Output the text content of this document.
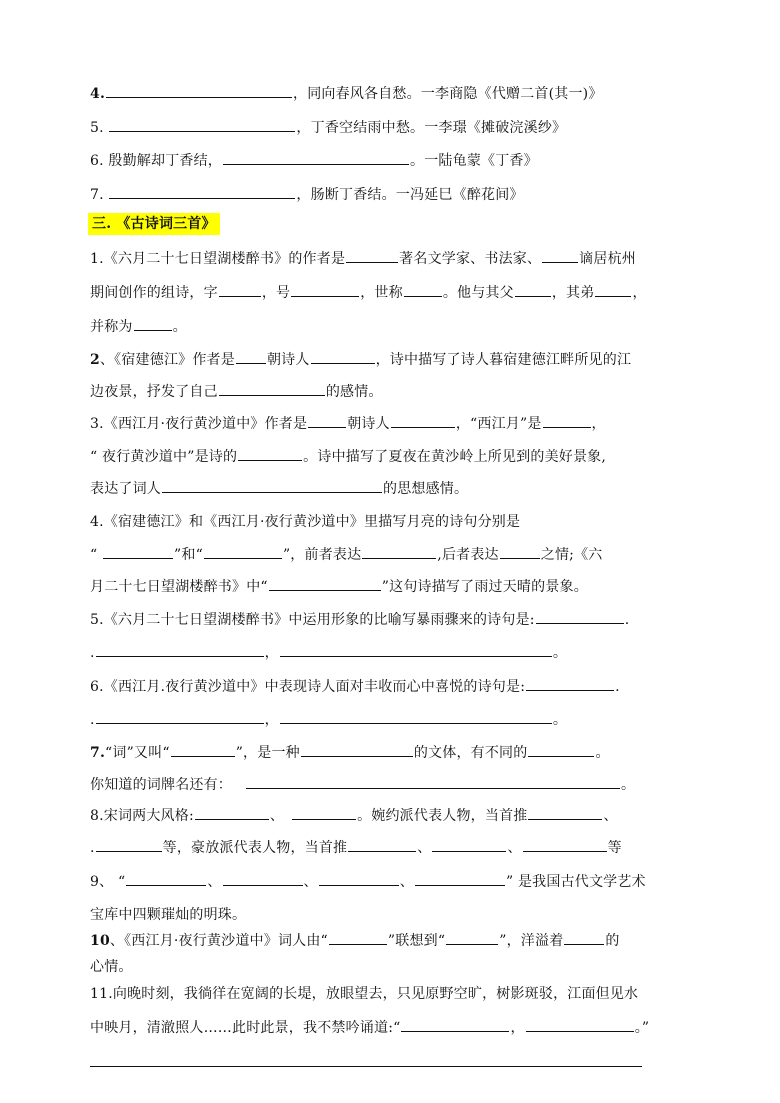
4.	，同向春风各自愁。一李商隐《代赠二首(其一)》
5.	，丁香空结雨中愁。一李璟《摊破浣溪纱》
6. 殷勤解却丁香结，	。一陆龟蒙《丁香》
7.	，肠断丁香结。一冯延巳《醉花间》
三. 《古诗词三首》
1.《六月二十七日望湖楼醉书》的作者是	著名文学家、书法家、	谪居杭州
期间创作的组诗，字	，号	，世称	。他与其父	，其弟	，
并称为	。
2、《宿建德江》作者是 朝诗人	，诗中描写了诗人暮宿建德江畔所见的江
边夜景，抒发了自己	的感情。
3.《西江月·夜行黄沙道中》作者是	朝诗人	，“西江月”是	，
“ 夜行黄沙道中”是诗的	。诗中描写了夏夜在黄沙岭上所见到的美好景象,
表达了词人	的思想感情。
4.《宿建德江》和《西江月·夜行黄沙道中》里描写月亮的诗句分别是
“	”和“	”，前者表达	,后者表达	之情;《六
月二十七日望湖楼醉书》中“	”这句诗描写了雨过天晴的景象。
5.《六月二十七日望湖楼醉书》中运用形象的比喻写暴雨骤来的诗句是:	.
.	，	。
6.《西江月.夜行黄沙道中》中表现诗人面对丰收而心中喜悦的诗句是:	.
.	，	。
7.“词”又叫“	”，是一种	的文体，有不同的	。
你知道的词牌名还有：	。
8.宋词两大风格:	、	。婉约派代表人物，当首推	、
.	等，豪放派代表人物，当首推	、	、	等
9、 “	、	、	、	” 是我国古代文学艺术
宝库中四颗璀灿的明珠。
10、《西江月·夜行黄沙道中》词人由“	”联想到“	”，洋溢着	的
心情。
11.向晚时刻，我徜徉在宽阔的长堤，放眼望去，只见原野空旷，树影斑驳，江面但见水
中映月，清澈照人……此时此景，我不禁吟诵道:“	，	。”
